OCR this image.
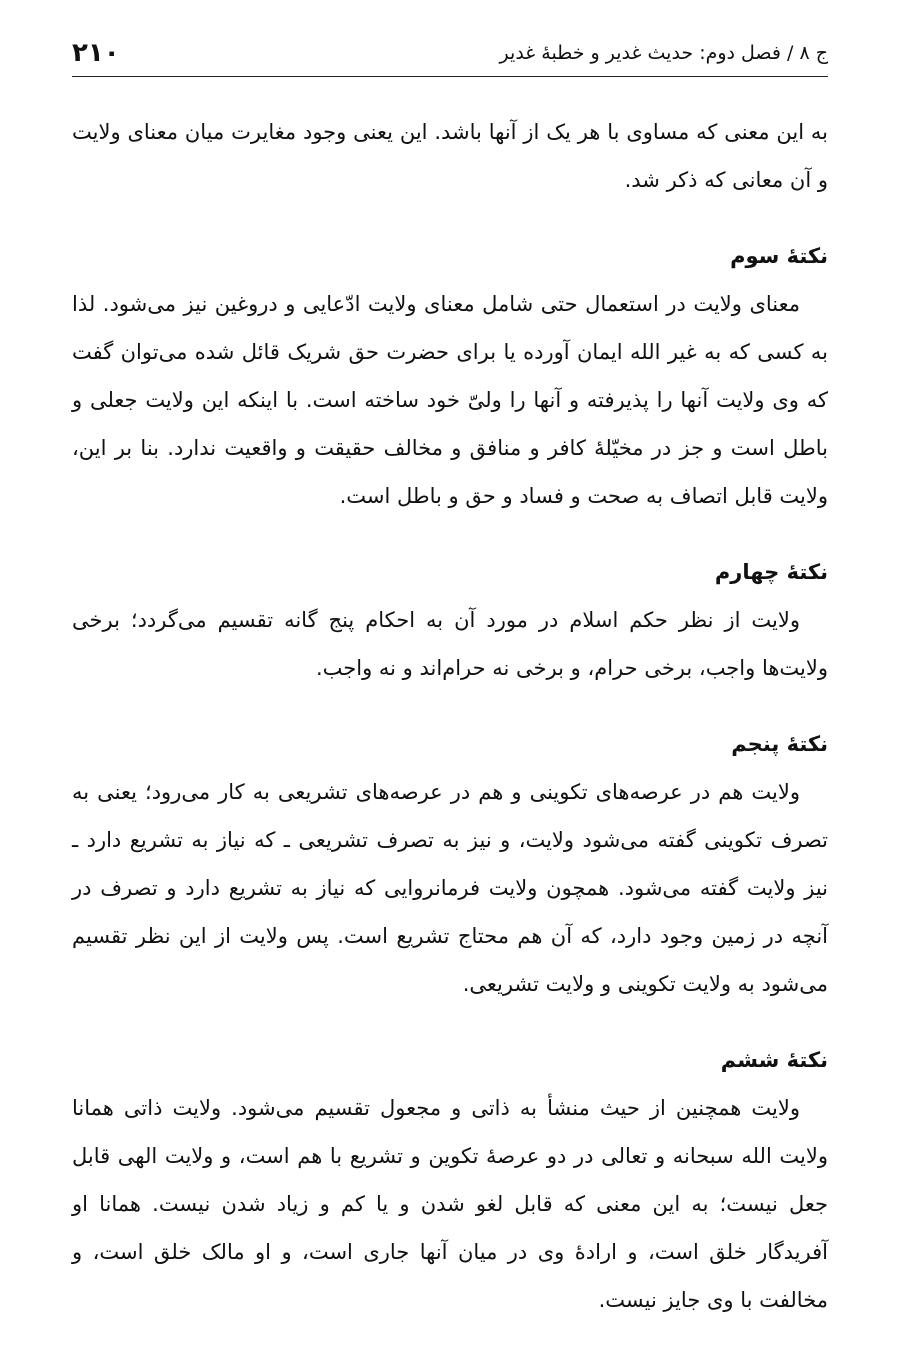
ج ۸ / فصل دوم: حدیث غدیر و خطبهٔ غدیر
۲۱۰

به این معنی که مساوی با هر یک از آنها باشد. این یعنی وجود مغایرت میان معنای ولایت و آن معانی که ذکر شد.

نکتهٔ سوم

معنای ولایت در استعمال حتی شامل معنای ولایت ادّعایی و دروغین نیز می‌شود. لذا به کسی که به غیر الله ایمان آورده یا برای حضرت حق شریک قائل شده می‌توان گفت که وی ولایت آنها را پذیرفته و آنها را ولیّ خود ساخته است. با اینکه این ولایت جعلی و باطل است و جز در مخیّلهٔ کافر و منافق و مخالف حقیقت و واقعیت ندارد. بنا بر این، ولایت قابل اتصاف به صحت و فساد و حق و باطل است.

نکتهٔ چهارم

ولایت از نظر حکم اسلام در مورد آن به احکام پنج گانه تقسیم می‌گردد؛ برخی ولایت‌ها واجب، برخی حرام، و برخی نه حرام‌اند و نه واجب.

نکتهٔ پنجم

ولایت هم در عرصه‌های تکوینی و هم در عرصه‌های تشریعی به کار می‌رود؛ یعنی به تصرف تکوینی گفته می‌شود ولایت، و نیز به تصرف تشریعی ـ که نیاز به تشریع دارد ـ نیز ولایت گفته می‌شود. همچون ولایت فرمانروایی که نیاز به تشریع دارد و تصرف در آنچه در زمین وجود دارد، که آن هم محتاج تشریع است. پس ولایت از این نظر تقسیم می‌شود به ولایت تکوینی و ولایت تشریعی.

نکتهٔ ششم

ولایت همچنین از حیث منشأ به ذاتی و مجعول تقسیم می‌شود. ولایت ذاتی همانا ولایت الله سبحانه و تعالی در دو عرصهٔ تکوین و تشریع با هم است، و ولایت الهی قابل جعل نیست؛ به این معنی که قابل لغو شدن و یا کم و زیاد شدن نیست. همانا او آفریدگار خلق است، و ارادهٔ وی در میان آنها جاری است، و او مالک خلق است، و مخالفت با وی جایز نیست.
